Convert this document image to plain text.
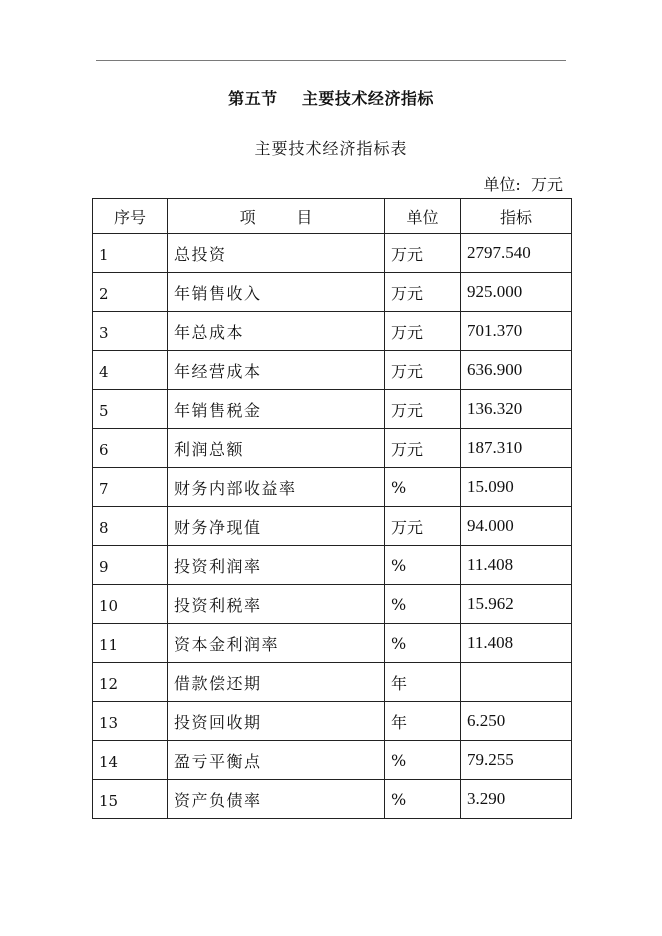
第五节    主要技术经济指标
主要技术经济指标表
单位:  万元
序号	项        目	单位	指标
1	总投资	万元	2797.540
2	年销售收入	万元	925.000
3	年总成本	万元	701.370
4	年经营成本	万元	636.900
5	年销售税金	万元	136.320
6	利润总额	万元	187.310
7	财务内部收益率	%	15.090
8	财务净现值	万元	94.000
9	投资利润率	%	11.408
10	投资利税率	%	15.962
11	资本金利润率	%	11.408
12	借款偿还期	年	
13	投资回收期	年	6.250
14	盈亏平衡点	%	79.255
15	资产负债率	%	3.290
